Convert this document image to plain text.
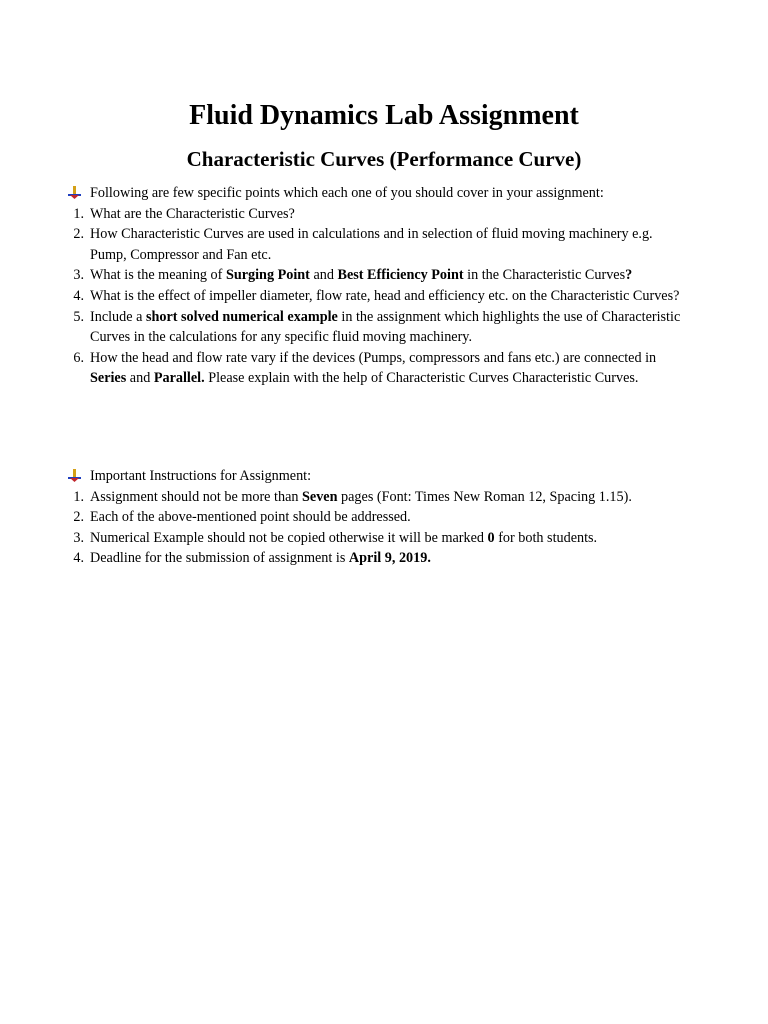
Fluid Dynamics Lab Assignment
Characteristic Curves (Performance Curve)
Following are few specific points which each one of you should cover in your assignment:
1. What are the Characteristic Curves?
2. How Characteristic Curves are used in calculations and in selection of fluid moving machinery e.g. Pump, Compressor and Fan etc.
3. What is the meaning of Surging Point and Best Efficiency Point in the Characteristic Curves?
4. What is the effect of impeller diameter, flow rate, head and efficiency etc. on the Characteristic Curves?
5. Include a short solved numerical example in the assignment which highlights the use of Characteristic Curves in the calculations for any specific fluid moving machinery.
6. How the head and flow rate vary if the devices (Pumps, compressors and fans etc.) are connected in Series and Parallel. Please explain with the help of Characteristic Curves Characteristic Curves.
Important Instructions for Assignment:
1. Assignment should not be more than Seven pages (Font: Times New Roman 12, Spacing 1.15).
2. Each of the above-mentioned point should be addressed.
3. Numerical Example should not be copied otherwise it will be marked 0 for both students.
4. Deadline for the submission of assignment is April 9, 2019.
